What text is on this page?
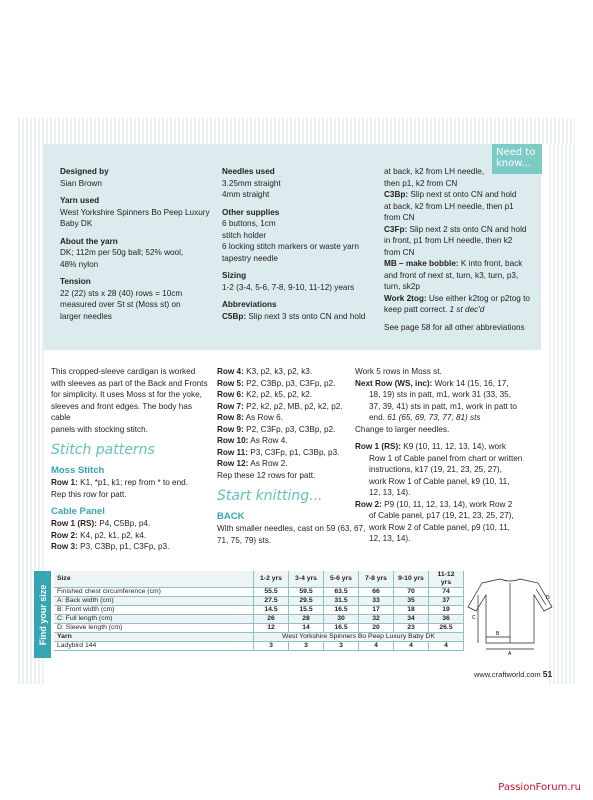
Need to
know...
Designed by
Sian Brown
Yarn used
West Yorkshire Spinners Bo Peep Luxury
Baby DK
About the yarn
DK; 112m per 50g ball; 52% wool,
48% nylon
Tension
22 (22) sts x 28 (40) rows = 10cm
measured over St st (Moss st) on
larger needles
Needles used
3.25mm straight
4mm straight
Other supplies
6 buttons, 1cm
stitch holder
6 locking stitch markers or waste yarn
tapestry needle
Sizing
1-2 (3-4, 5-6, 7-8, 9-10, 11-12) years
Abbreviations
C5Bp: Slip next 3 sts onto CN and hold
at back, k2 from LH needle,
then p1, k2 from CN
C3Bp: Slip next st onto CN and hold
at back, k2 from LH needle, then p1
from CN
C3Fp: Slip next 2 sts onto CN and hold
in front, p1 from LH needle, then k2
from CN
MB – make bobble: K into front, back
and front of next st, turn, k3, turn, p3,
turn, sk2p
Work 2tog: Use either k2tog or p2tog to
keep patt correct. 1 st dec'd
See page 58 for all other abbreviations
This cropped-sleeve cardigan is worked
with sleeves as part of the Back and Fronts
for simplicity. It uses Moss st for the yoke,
sleeves and front edges. The body has cable
panels with stocking stitch.
Stitch patterns
Moss Stitch
Row 1: K1, *p1, k1; rep from * to end.
Rep this row for patt.
Cable Panel
Row 1 (RS): P4, C5Bp, p4.
Row 2: K4, p2, k1, p2, k4.
Row 3: P3, C3Bp, p1, C3Fp, p3.
Row 4: K3, p2, k3, p2, k3.
Row 5: P2, C3Bp, p3, C3Fp, p2.
Row 6: K2, p2, k5, p2, k2.
Row 7: P2, k2, p2, MB, p2, k2, p2.
Row 8: As Row 6.
Row 9: P2, C3Fp, p3, C3Bp, p2.
Row 10: As Row 4.
Row 11: P3, C3Fp, p1, C3Bp, p3.
Row 12: As Row 2.
Rep these 12 rows for patt.
Start knitting...
BACK
With smaller needles, cast on 59 (63, 67,
71, 75, 79) sts.
Work 5 rows in Moss st.
Next Row (WS, inc): Work 14 (15, 16, 17,
18, 19) sts in patt, m1, work 31 (33, 35,
37, 39, 41) sts in patt, m1, work in patt to
end. 61 (65, 69, 73, 77, 81) sts
Change to larger needles.
Row 1 (RS): K9 (10, 11, 12, 13, 14), work
Row 1 of Cable panel from chart or written
instructions, k17 (19, 21, 23, 25, 27),
work Row 1 of Cable panel, k9 (10, 11,
12, 13, 14).
Row 2: P9 (10, 11, 12, 13, 14), work Row 2
of Cable panel, p17 (19, 21, 23, 25, 27),
work Row 2 of Cable panel, p9 (10, 11,
12, 13, 14).
Find your size
Size	1-2 yrs	3-4 yrs	5-6 yrs	7-8 yrs	9-10 yrs	11-12 yrs
Finished chest circumference (cm)	55.5	59.5	63.5	66	70	74
A: Back width (cm)	27.5	29.5	31.5	33	35	37
B: Front width (cm)	14.5	15.5	16.5	17	18	19
C: Full length (cm)	26	28	30	32	34	36
D: Sleeve length (cm)	12	14	16.5	20	23	26.5
Yarn	West Yorkshire Spinners Bo Peep Luxury Baby DK					
Ladybird 144	3	3	3	4	4	4
A
B
C
D
www.craftworld.com 51
PassionForum.ru
